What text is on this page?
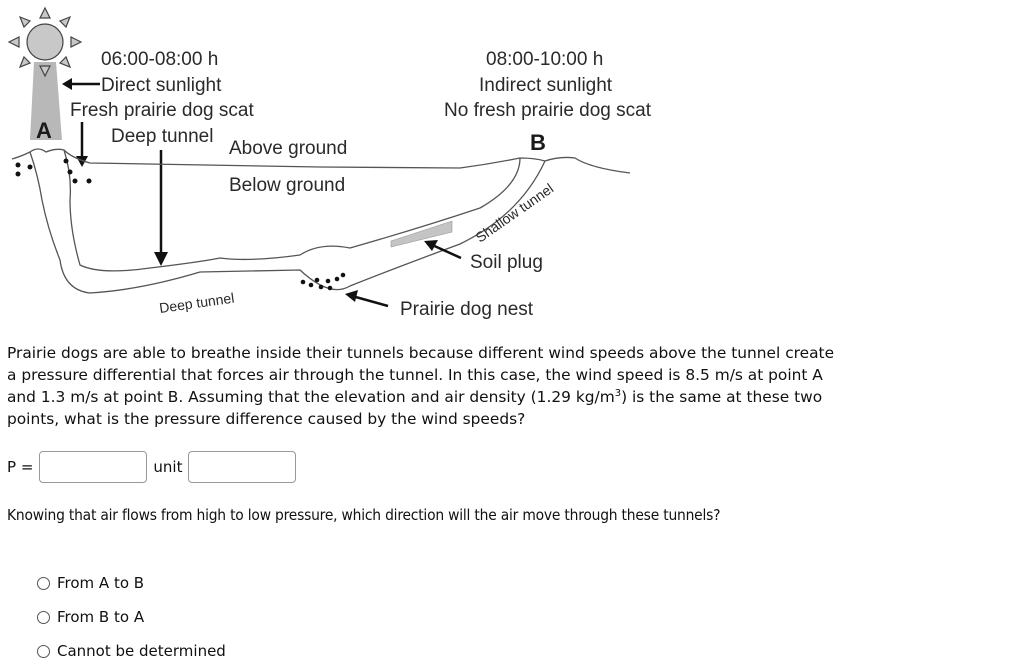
A
06:00-08:00 h
Direct sunlight
Fresh prairie dog scat
Deep tunnel
Above ground
Below ground
08:00-10:00 h
Indirect sunlight
No fresh prairie dog scat
B
Soil plug
Prairie dog nest
Deep tunnel
Shallow tunnel
Prairie dogs are able to breathe inside their tunnels because different wind speeds above the tunnel create
a pressure differential that forces air through the tunnel. In this case, the wind speed is 8.5 m/s at point A
and 1.3 m/s at point B. Assuming that the elevation and air density (1.29 $kg/m^3$) is the same at these two
points, what is the pressure difference caused by the wind speeds?
P =	unit
Knowing that air flows from high to low pressure, which direction will the air move through these tunnels?
From A to B
From B to A
Cannot be determined
